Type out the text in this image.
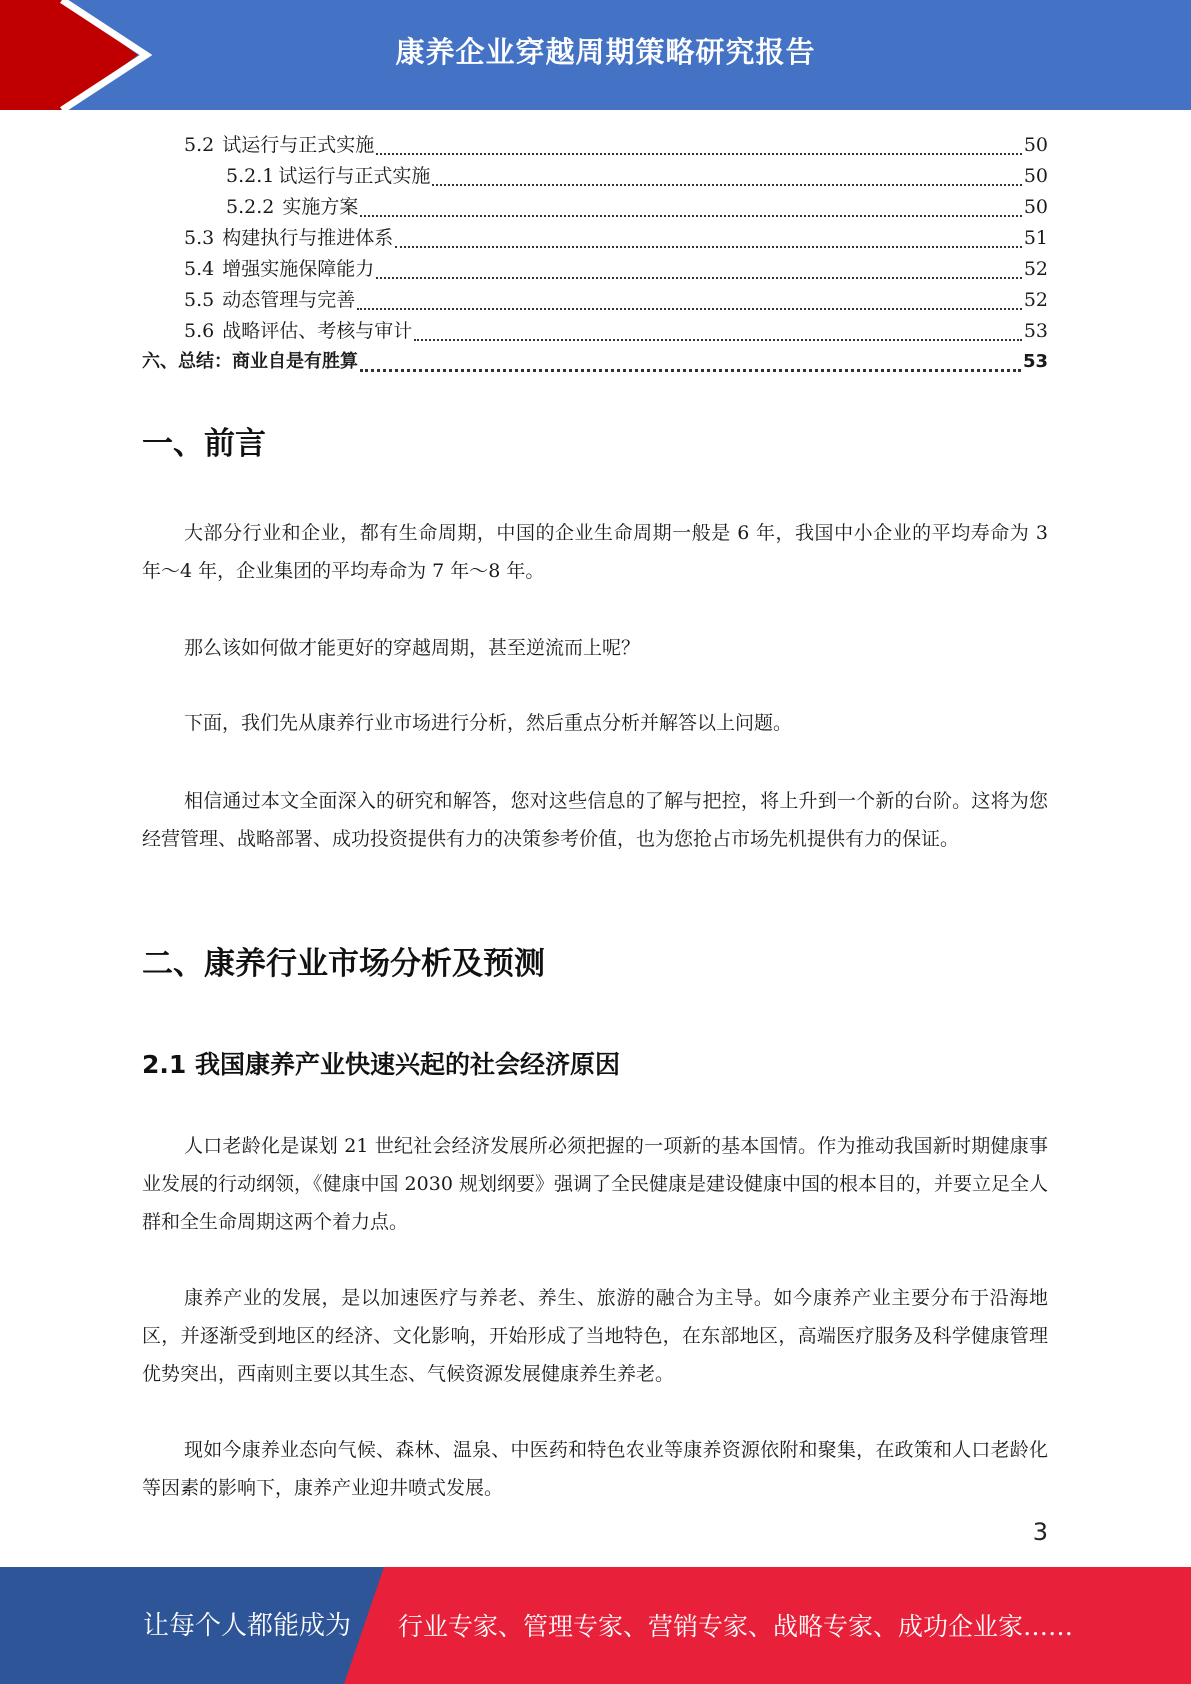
康养企业穿越周期策略研究报告
5.2 试运行与正式实施	50
5.2.1 试运行与正式实施	50
5.2.2 实施方案	50
5.3 构建执行与推进体系	51
5.4 增强实施保障能力	52
5.5 动态管理与完善	52
5.6 战略评估、考核与审计	53
六、总结：商业自是有胜算	53
一、前言

大部分行业和企业，都有生命周期，中国的企业生命周期一般是 6 年，我国中小企业的平均寿命为 3 年～4 年，企业集团的平均寿命为 7 年～8 年。

那么该如何做才能更好的穿越周期，甚至逆流而上呢？

下面，我们先从康养行业市场进行分析，然后重点分析并解答以上问题。

相信通过本文全面深入的研究和解答，您对这些信息的了解与把控，将上升到一个新的台阶。这将为您经营管理、战略部署、成功投资提供有力的决策参考价值，也为您抢占市场先机提供有力的保证。

二、康养行业市场分析及预测
2.1 我国康养产业快速兴起的社会经济原因

人口老龄化是谋划 21 世纪社会经济发展所必须把握的一项新的基本国情。作为推动我国新时期健康事业发展的行动纲领，《健康中国 2030 规划纲要》强调了全民健康是建设健康中国的根本目的，并要立足全人群和全生命周期这两个着力点。

康养产业的发展，是以加速医疗与养老、养生、旅游的融合为主导。如今康养产业主要分布于沿海地区，并逐渐受到地区的经济、文化影响，开始形成了当地特色，在东部地区，高端医疗服务及科学健康管理优势突出，西南则主要以其生态、气候资源发展健康养生养老。

现如今康养业态向气候、森林、温泉、中医药和特色农业等康养资源依附和聚集，在政策和人口老龄化等因素的影响下，康养产业迎井喷式发展。

3
让每个人都能成为 行业专家、管理专家、营销专家、战略专家、成功企业家……
